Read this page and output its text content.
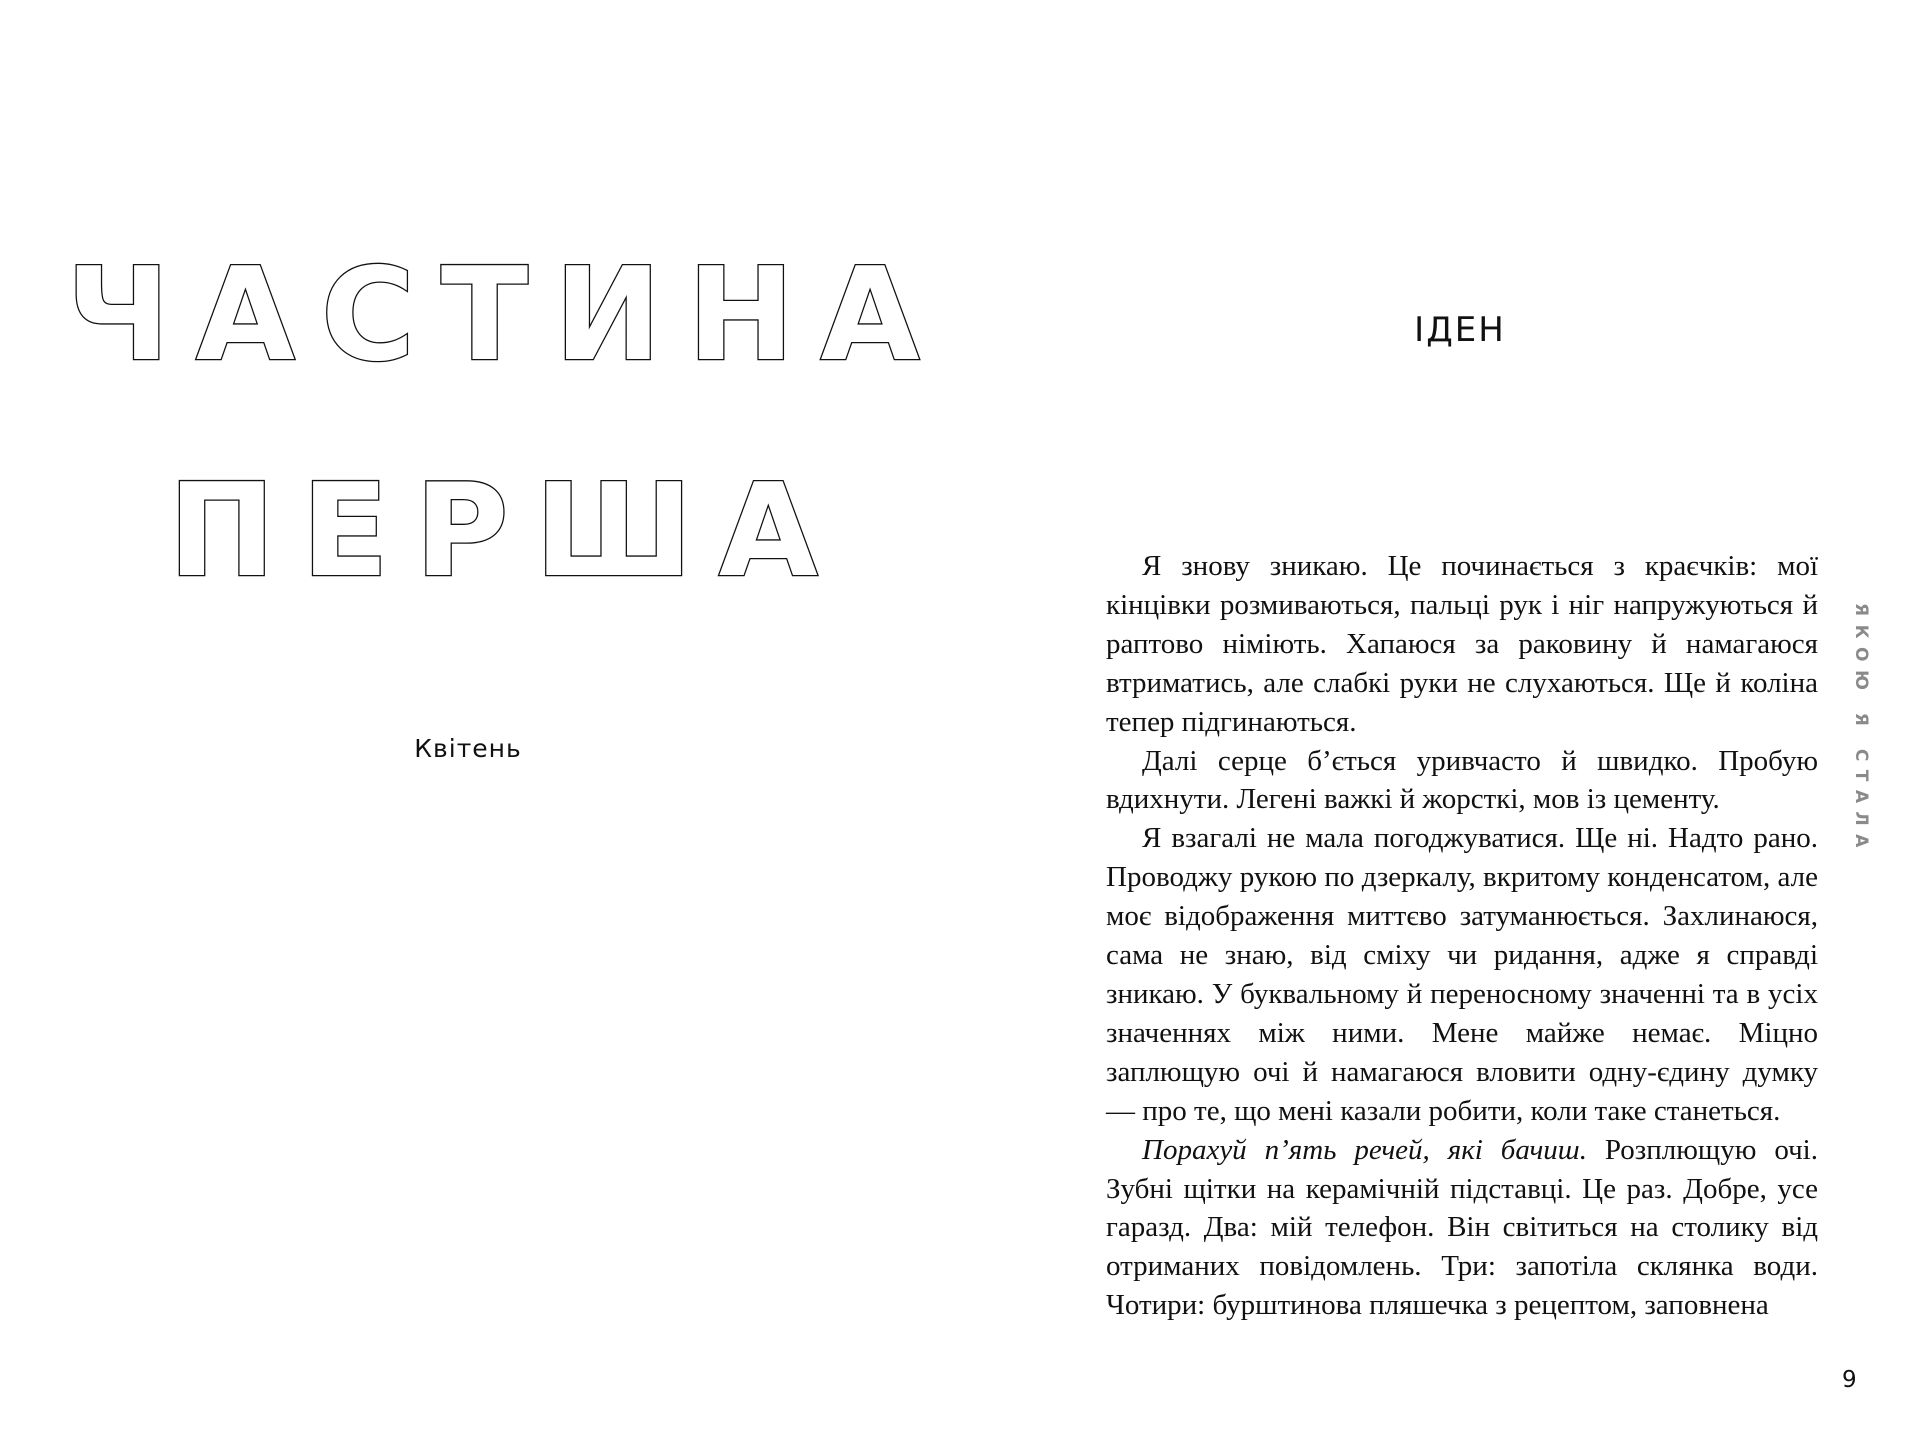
ЧАСТИНА
ПЕРША
Квітень
ІДЕН

Я знову зникаю. Це починається з краєчків: мої кінцівки розмиваються, пальці рук і ніг напружуються й раптово німіють. Хапаюся за раковину й намагаюся втриматись, але слабкі руки не слухаються. Ще й коліна тепер підгинаються.

Далі серце б’ється уривчасто й швидко. Пробую вдихнути. Легені важкі й жорсткі, мов із цементу.

Я взагалі не мала погоджуватися. Ще ні. Надто рано. Проводжу рукою по дзеркалу, вкритому конденсатом, але моє відображення миттєво затуманюється. Захлинаюся, сама не знаю, від сміху чи ридання, адже я справді зникаю. У буквальному й переносному значенні та в усіх значеннях між ними. Мене майже немає. Міцно заплющую очі й намагаюся вловити одну-єдину думку — про те, що мені казали робити, коли таке станеться.

Порахуй п’ять речей, які бачиш. Розплющую очі. Зубні щітки на керамічній підставці. Це раз. Добре, усе гаразд. Два: мій телефон. Він світиться на столику від отриманих повідомлень. Три: запотіла склянка води. Чотири: бурштинова пляшечка з рецептом, заповнена

ЯКОЮ Я СТАЛА
9
